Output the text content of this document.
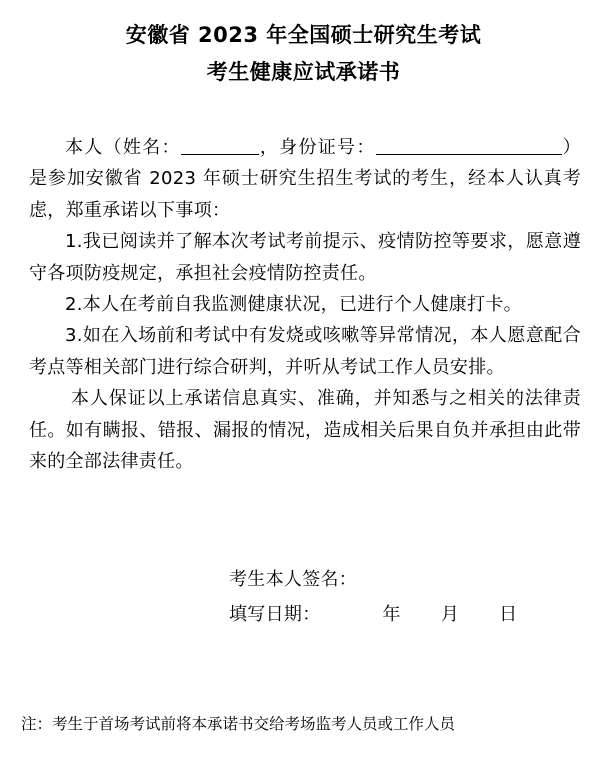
安徽省 2023 年全国硕士研究生考试
考生健康应试承诺书

本人（姓名：	，身份证号：	）是参加安徽省 2023 年硕士研究生招生考试的考生，经本人认真考虑，郑重承诺以下事项：

1.我已阅读并了解本次考试考前提示、疫情防控等要求，愿意遵守各项防疫规定，承担社会疫情防控责任。

2.本人在考前自我监测健康状况，已进行个人健康打卡。

3.如在入场前和考试中有发烧或咳嗽等异常情况，本人愿意配合考点等相关部门进行综合研判，并听从考试工作人员安排。

本人保证以上承诺信息真实、准确，并知悉与之相关的法律责任。如有瞒报、错报、漏报的情况，造成相关后果自负并承担由此带来的全部法律责任。

考生本人签名：
填写日期：	年 月 日
注：考生于首场考试前将本承诺书交给考场监考人员或工作人员
